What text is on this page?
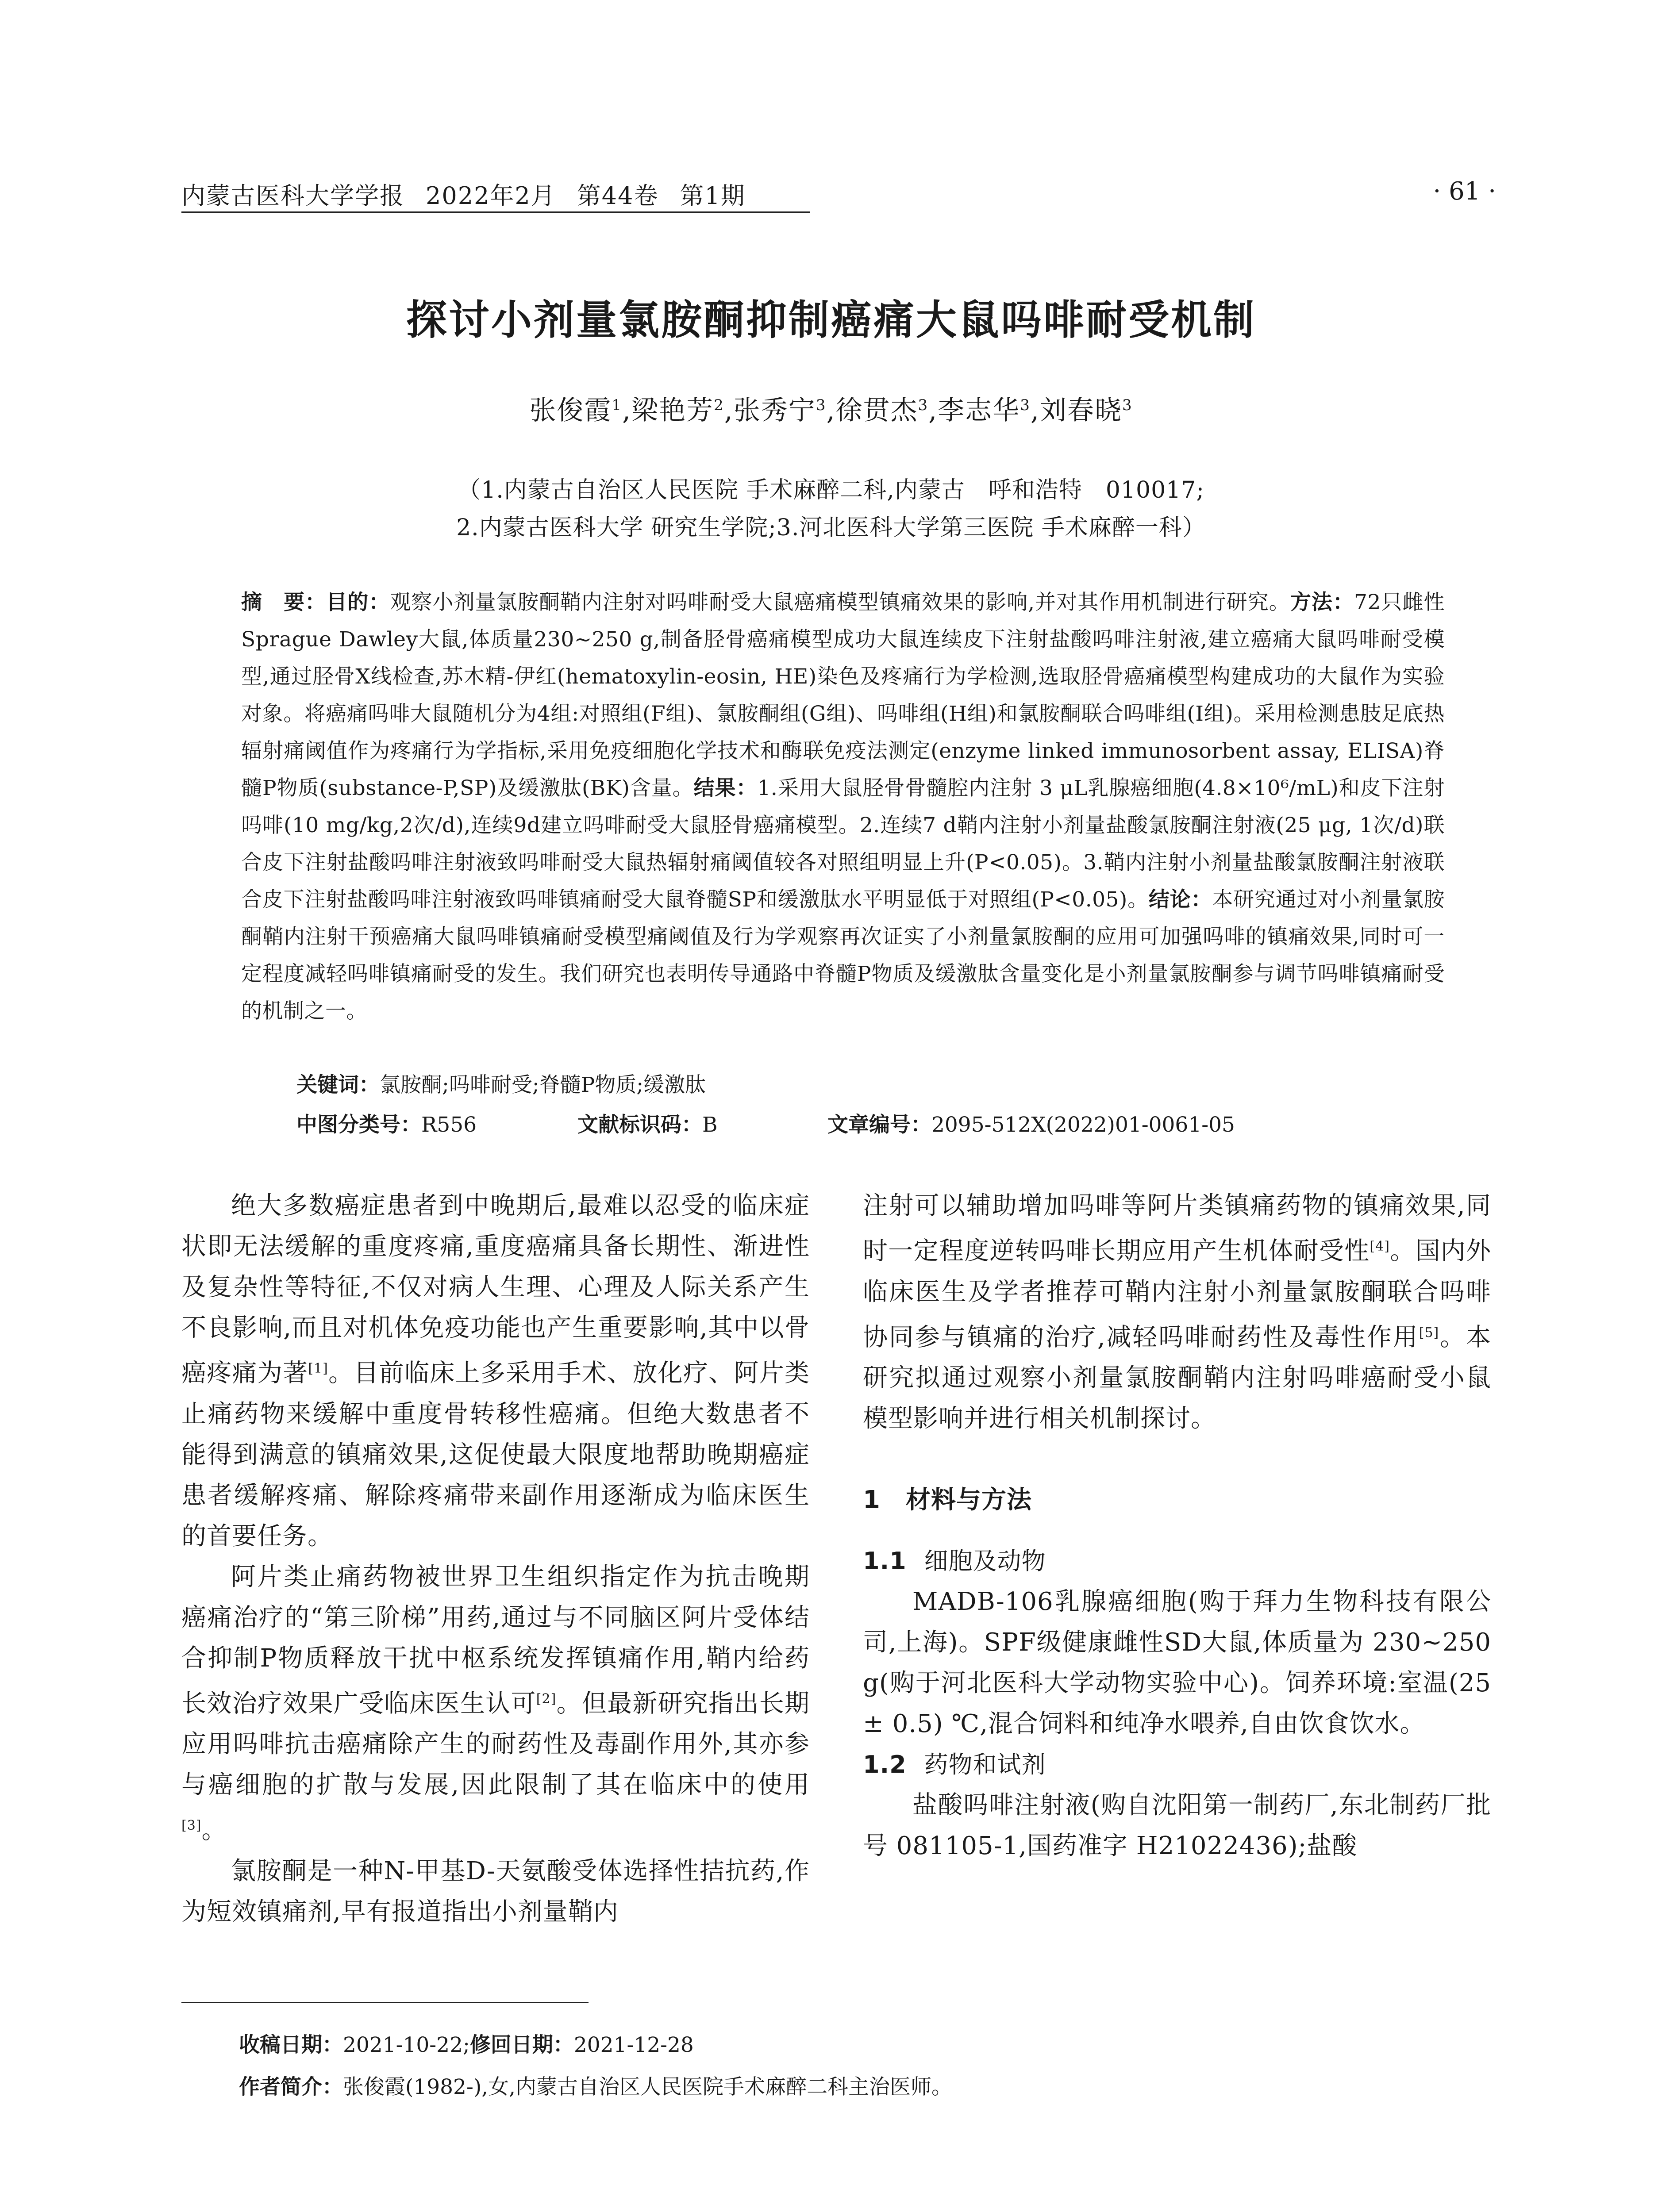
内蒙古医科大学学报 2022年2月 第44卷 第1期	· 61 ·
探讨小剂量氯胺酮抑制癌痛大鼠吗啡耐受机制
张俊霞$^1$,梁艳芳$^2$,张秀宁$^3$,徐贯杰$^3$,李志华$^3$,刘春晓$^3$
（1.内蒙古自治区人民医院 手术麻醉二科,内蒙古　呼和浩特　010017;
2.内蒙古医科大学 研究生学院;3.河北医科大学第三医院 手术麻醉一科）
摘　要：目的：观察小剂量氯胺酮鞘内注射对吗啡耐受大鼠癌痛模型镇痛效果的影响,并对其作用机制进行研究。方法：72只雌性Sprague Dawley大鼠,体质量230~250 g,制备胫骨癌痛模型成功大鼠连续皮下注射盐酸吗啡注射液,建立癌痛大鼠吗啡耐受模型,通过胫骨X线检查,苏木精-伊红(hematoxylin-eosin, HE)染色及疼痛行为学检测,选取胫骨癌痛模型构建成功的大鼠作为实验对象。将癌痛吗啡大鼠随机分为4组:对照组(F组)、氯胺酮组(G组)、吗啡组(H组)和氯胺酮联合吗啡组(I组)。采用检测患肢足底热辐射痛阈值作为疼痛行为学指标,采用免疫细胞化学技术和酶联免疫法测定(enzyme linked immunosorbent assay, ELISA)脊髓P物质(substance-P,SP)及缓激肽(BK)含量。结果：1.采用大鼠胫骨骨髓腔内注射 3 μL乳腺癌细胞(4.8×10⁶/mL)和皮下注射吗啡(10 mg/kg,2次/d),连续9d建立吗啡耐受大鼠胫骨癌痛模型。2.连续7 d鞘内注射小剂量盐酸氯胺酮注射液(25 μg, 1次/d)联合皮下注射盐酸吗啡注射液致吗啡耐受大鼠热辐射痛阈值较各对照组明显上升(P<0.05)。3.鞘内注射小剂量盐酸氯胺酮注射液联合皮下注射盐酸吗啡注射液致吗啡镇痛耐受大鼠脊髓SP和缓激肽水平明显低于对照组(P<0.05)。结论：本研究通过对小剂量氯胺酮鞘内注射干预癌痛大鼠吗啡镇痛耐受模型痛阈值及行为学观察再次证实了小剂量氯胺酮的应用可加强吗啡的镇痛效果,同时可一定程度减轻吗啡镇痛耐受的发生。我们研究也表明传导通路中脊髓P物质及缓激肽含量变化是小剂量氯胺酮参与调节吗啡镇痛耐受的机制之一。
关键词：氯胺酮;吗啡耐受;脊髓P物质;缓激肽
中图分类号：R556	文献标识码：B	文章编号：2095-512X(2022)01-0061-05

绝大多数癌症患者到中晚期后,最难以忍受的临床症状即无法缓解的重度疼痛,重度癌痛具备长期性、渐进性及复杂性等特征,不仅对病人生理、心理及人际关系产生不良影响,而且对机体免疫功能也产生重要影响,其中以骨癌疼痛为著[1]。目前临床上多采用手术、放化疗、阿片类止痛药物来缓解中重度骨转移性癌痛。但绝大数患者不能得到满意的镇痛效果,这促使最大限度地帮助晚期癌症患者缓解疼痛、解除疼痛带来副作用逐渐成为临床医生的首要任务。

阿片类止痛药物被世界卫生组织指定作为抗击晚期癌痛治疗的“第三阶梯”用药,通过与不同脑区阿片受体结合抑制P物质释放干扰中枢系统发挥镇痛作用,鞘内给药长效治疗效果广受临床医生认可[2]。但最新研究指出长期应用吗啡抗击癌痛除产生的耐药性及毒副作用外,其亦参与癌细胞的扩散与发展,因此限制了其在临床中的使用[3]。

氯胺酮是一种N-甲基D-天氨酸受体选择性拮抗药,作为短效镇痛剂,早有报道指出小剂量鞘内

注射可以辅助增加吗啡等阿片类镇痛药物的镇痛效果,同时一定程度逆转吗啡长期应用产生机体耐受性[4]。国内外临床医生及学者推荐可鞘内注射小剂量氯胺酮联合吗啡协同参与镇痛的治疗,减轻吗啡耐药性及毒性作用[5]。本研究拟通过观察小剂量氯胺酮鞘内注射吗啡癌耐受小鼠模型影响并进行相关机制探讨。

1　 材料与方法
1.1 细胞及动物

MADB-106乳腺癌细胞(购于拜力生物科技有限公司,上海)。SPF级健康雌性SD大鼠,体质量为 230~250 g(购于河北医科大学动物实验中心)。饲养环境:室温(25 ± 0.5) ℃,混合饲料和纯净水喂养,自由饮食饮水。

1.2 药物和试剂

盐酸吗啡注射液(购自沈阳第一制药厂,东北制药厂批号 081105-1,国药准字 H21022436);盐酸

收稿日期：2021-10-22;修回日期：2021-12-28
作者简介：张俊霞(1982-),女,内蒙古自治区人民医院手术麻醉二科主治医师。
